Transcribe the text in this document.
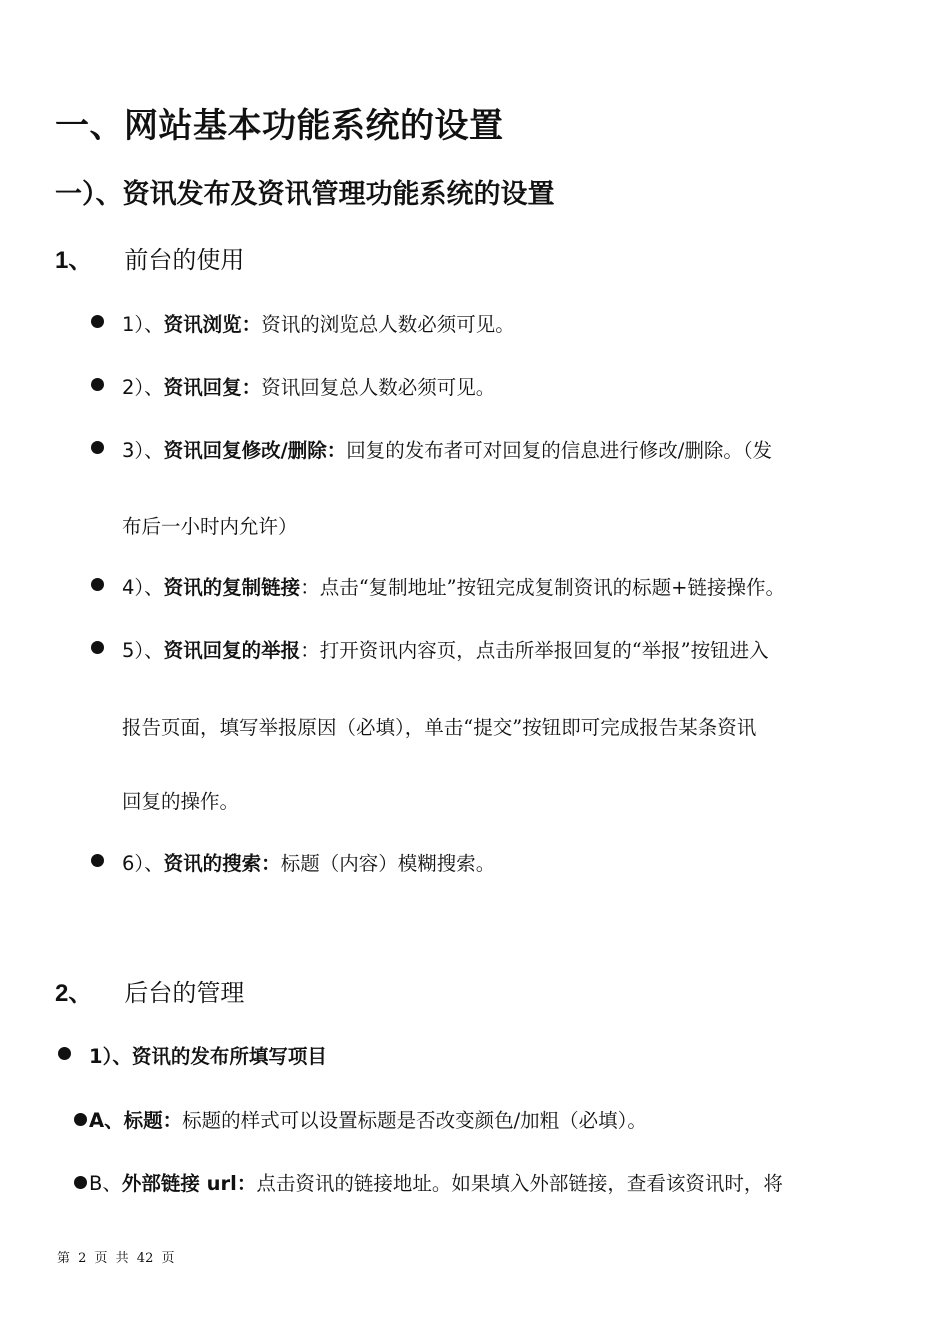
一、网站基本功能系统的设置
一）、资讯发布及资讯管理功能系统的设置
1、 前台的使用
1）、资讯浏览：资讯的浏览总人数必须可见。
2）、资讯回复：资讯回复总人数必须可见。
3）、资讯回复修改/删除：回复的发布者可对回复的信息进行修改/删除。（发
布后一小时内允许）
4）、资讯的复制链接：点击“复制地址”按钮完成复制资讯的标题+链接操作。
5）、资讯回复的举报：打开资讯内容页，点击所举报回复的“举报”按钮进入
报告页面，填写举报原因（必填），单击“提交”按钮即可完成报告某条资讯
回复的操作。
6）、资讯的搜索：标题（内容）模糊搜索。
2、 后台的管理
1）、资讯的发布所填写项目
A、标题：标题的样式可以设置标题是否改变颜色/加粗（必填）。
B、外部链接 url：点击资讯的链接地址。如果填入外部链接，查看该资讯时，将
第 2 页 共 42 页
